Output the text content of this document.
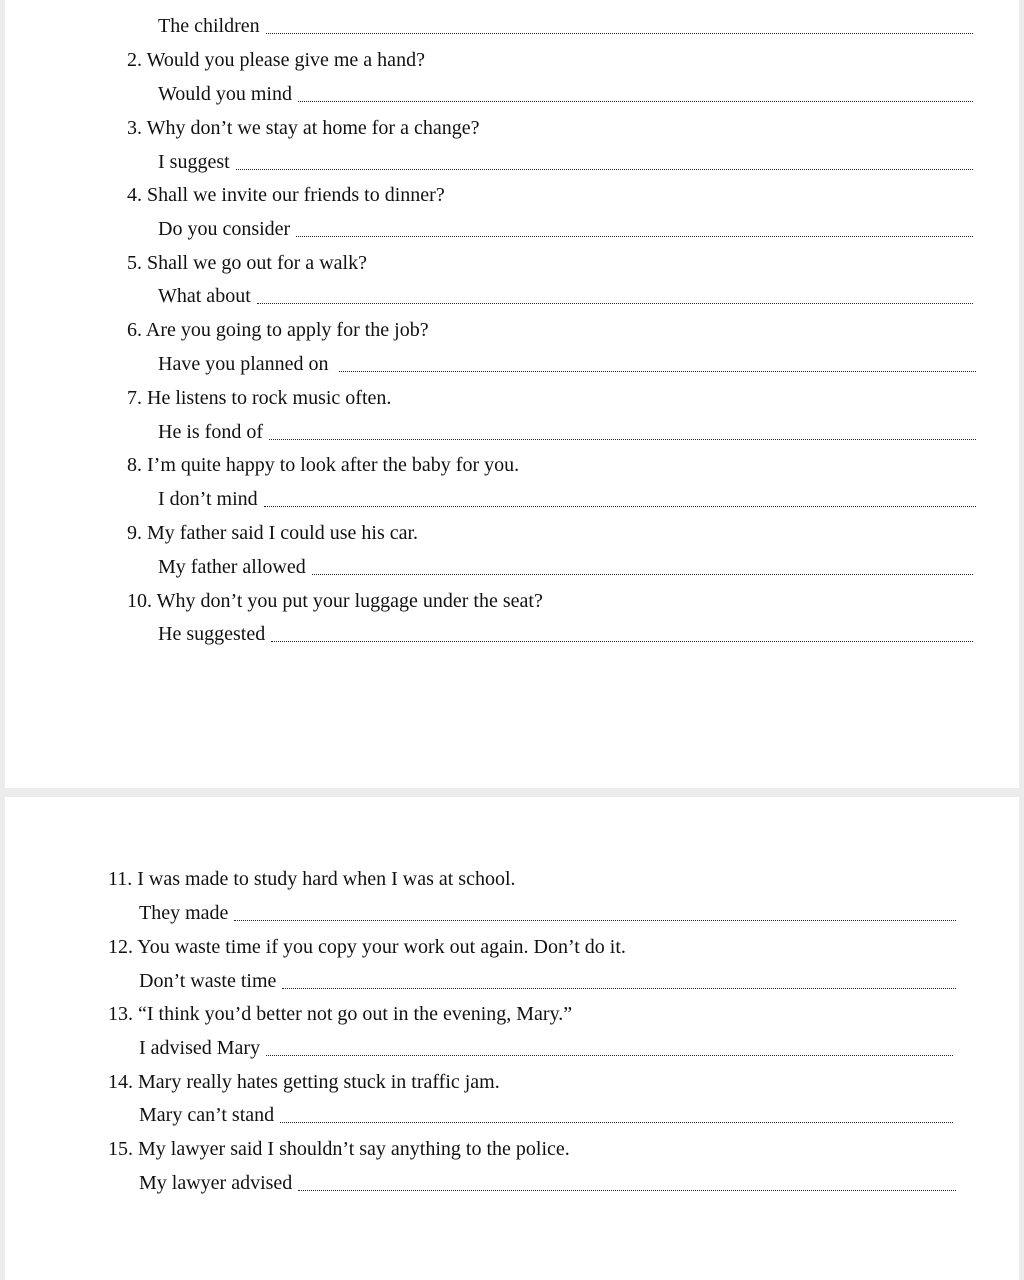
The children
2. Would you please give me a hand?
Would you mind
3. Why don’t we stay at home for a change?
I suggest
4. Shall we invite our friends to dinner?
Do you consider
5. Shall we go out for a walk?
What about
6. Are you going to apply for the job?
Have you planned on
7. He listens to rock music often.
He is fond of
8. I’m quite happy to look after the baby for you.
I don’t mind
9. My father said I could use his car.
My father allowed
10. Why don’t you put your luggage under the seat?
He suggested
11. I was made to study hard when I was at school.
They made
12. You waste time if you copy your work out again. Don’t do it.
Don’t waste time
13. “I think you’d better not go out in the evening, Mary.”
I advised Mary
14. Mary really hates getting stuck in traffic jam.
Mary can’t stand
15. My lawyer said I shouldn’t say anything to the police.
My lawyer advised
